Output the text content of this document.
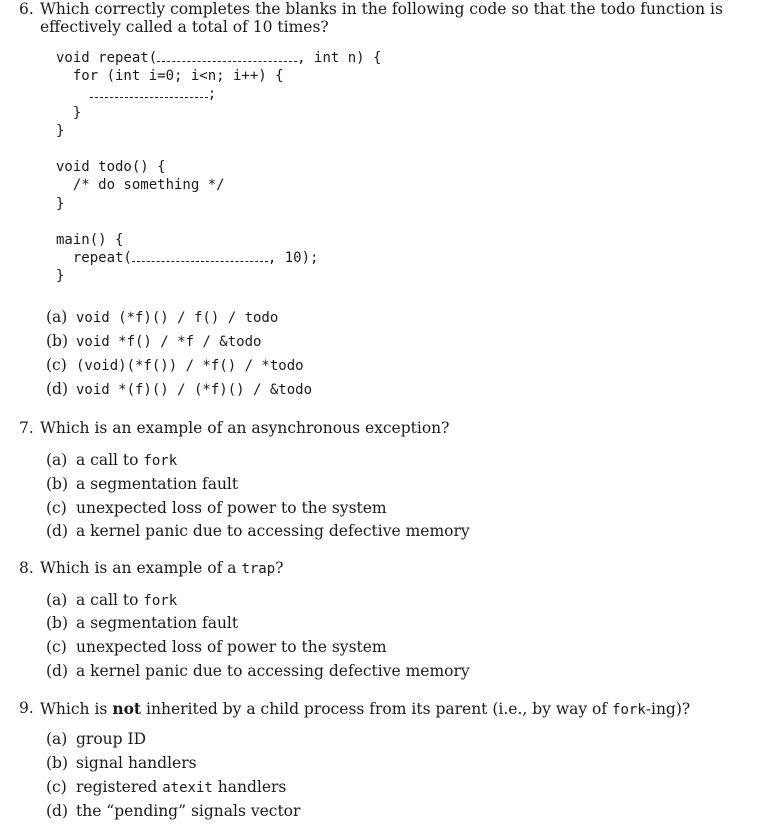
6. Which correctly completes the blanks in the following code so that the todo function is
effectively called a total of 10 times?
void repeat(	, int n) {
for (int i=0; i<n; i++) {
;
}
}

void todo() {
/* do something */
}

main() {
repeat(	, 10);
}
(a) void (*f)() / f() / todo
(b) void *f() / *f / &todo
(c) (void)(*f()) / *f() / *todo
(d) void *(f)() / (*f)() / &todo
7. Which is an example of an asynchronous exception?
(a) a call to fork
(b) a segmentation fault
(c) unexpected loss of power to the system
(d) a kernel panic due to accessing defective memory
8. Which is an example of a trap?
(a) a call to fork
(b) a segmentation fault
(c) unexpected loss of power to the system
(d) a kernel panic due to accessing defective memory
9. Which is not inherited by a child process from its parent (i.e., by way of fork-ing)?
(a) group ID
(b) signal handlers
(c) registered atexit handlers
(d) the “pending” signals vector
